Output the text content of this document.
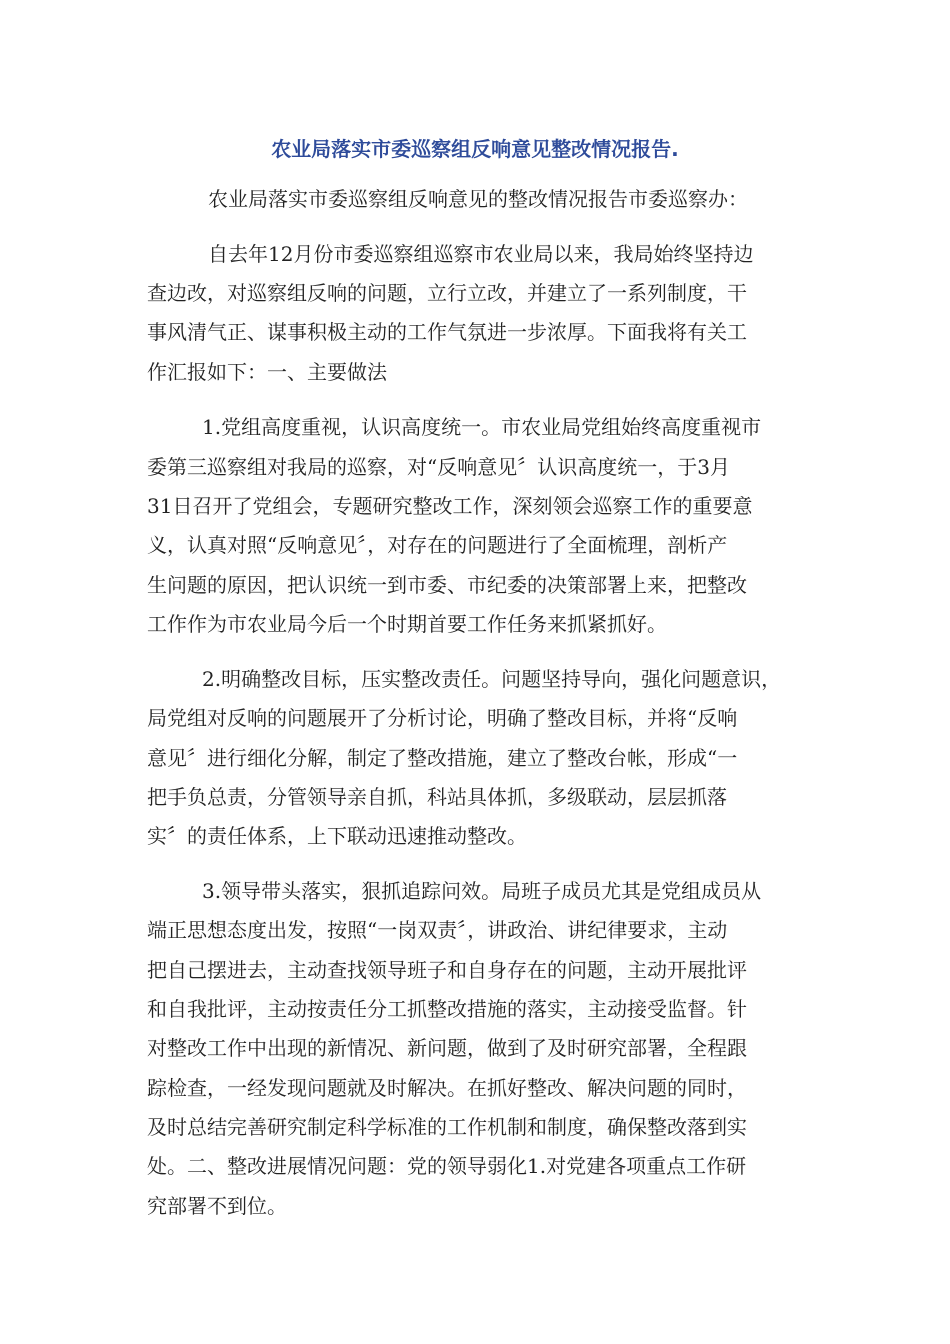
农业局落实市委巡察组反响意见整改情况报告.
农业局落实市委巡察组反响意见的整改情况报告市委巡察办：
自去年12月份市委巡察组巡察市农业局以来，我局始终坚持边
查边改，对巡察组反响的问题，立行立改，并建立了一系列制度，干
事风清气正、谋事积极主动的工作气氛进一步浓厚。下面我将有关工
作汇报如下：一、主要做法
1.党组高度重视，认识高度统一。市农业局党组始终高度重视市
委第三巡察组对我局的巡察，对“反响意见〞认识高度统一，于3月
31日召开了党组会，专题研究整改工作，深刻领会巡察工作的重要意
义，认真对照“反响意见〞，对存在的问题进行了全面梳理，剖析产
生问题的原因，把认识统一到市委、市纪委的决策部署上来，把整改
工作作为市农业局今后一个时期首要工作任务来抓紧抓好。
2.明确整改目标，压实整改责任。问题坚持导向，强化问题意识，
局党组对反响的问题展开了分析讨论，明确了整改目标，并将“反响
意见〞进行细化分解，制定了整改措施，建立了整改台帐，形成“一
把手负总责，分管领导亲自抓，科站具体抓，多级联动，层层抓落
实〞的责任体系，上下联动迅速推动整改。
3.领导带头落实，狠抓追踪问效。局班子成员尤其是党组成员从
端正思想态度出发，按照“一岗双责〞，讲政治、讲纪律要求，主动
把自己摆进去，主动查找领导班子和自身存在的问题，主动开展批评
和自我批评，主动按责任分工抓整改措施的落实，主动接受监督。针
对整改工作中出现的新情况、新问题，做到了及时研究部署，全程跟
踪检查，一经发现问题就及时解决。在抓好整改、解决问题的同时，
及时总结完善研究制定科学标准的工作机制和制度，确保整改落到实
处。二、整改进展情况问题：党的领导弱化1.对党建各项重点工作研
究部署不到位。
